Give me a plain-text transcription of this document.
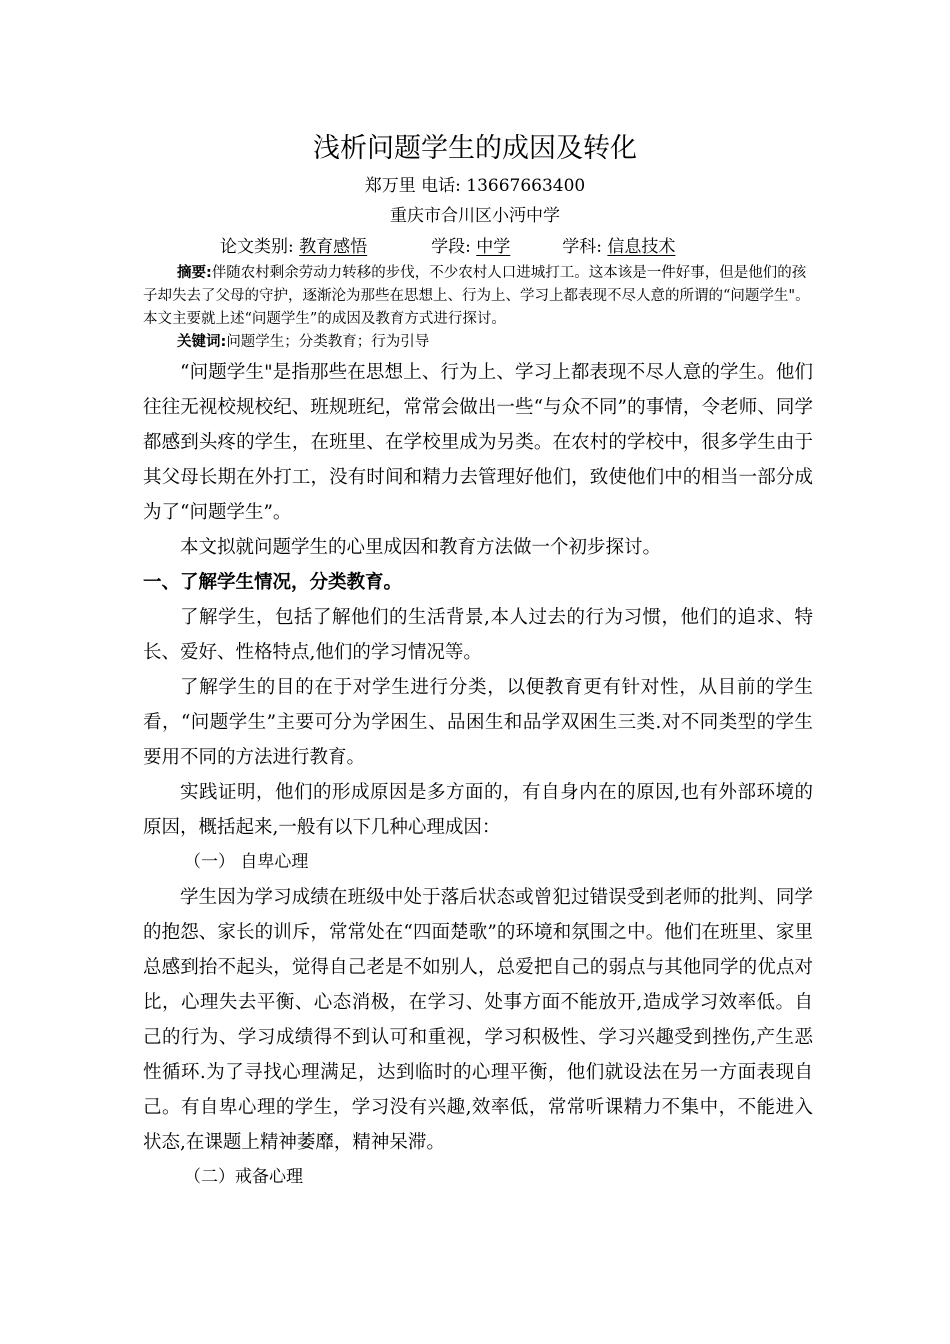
浅析问题学生的成因及转化
郑万里 电话: 13667663400
重庆市合川区小沔中学
论文类别: 教育感悟	学段: 中学	学科: 信息技术

摘要:伴随农村剩余劳动力转移的步伐，不少农村人口进城打工。这本该是一件好事，但是他们的孩子却失去了父母的守护，逐渐沦为那些在思想上、行为上、学习上都表现不尽人意的所谓的“问题学生"。本文主要就上述“问题学生”的成因及教育方式进行探讨。

关键词:问题学生；分类教育；行为引导

“问题学生"是指那些在思想上、行为上、学习上都表现不尽人意的学生。他们往往无视校规校纪、班规班纪，常常会做出一些“与众不同”的事情，令老师、同学都感到头疼的学生，在班里、在学校里成为另类。在农村的学校中，很多学生由于其父母长期在外打工，没有时间和精力去管理好他们，致使他们中的相当一部分成为了“问题学生”。

本文拟就问题学生的心里成因和教育方法做一个初步探讨。

一、了解学生情况，分类教育。

了解学生，包括了解他们的生活背景,本人过去的行为习惯，他们的追求、特长、爱好、性格特点,他们的学习情况等。

了解学生的目的在于对学生进行分类，以便教育更有针对性，从目前的学生看，“问题学生”主要可分为学困生、品困生和品学双困生三类.对不同类型的学生要用不同的方法进行教育。

实践证明，他们的形成原因是多方面的，有自身内在的原因,也有外部环境的原因，概括起来,一般有以下几种心理成因：

（一） 自卑心理

学生因为学习成绩在班级中处于落后状态或曾犯过错误受到老师的批判、同学的抱怨、家长的训斥，常常处在“四面楚歌”的环境和氛围之中。他们在班里、家里总感到抬不起头，觉得自己老是不如别人，总爱把自己的弱点与其他同学的优点对比，心理失去平衡、心态消极，在学习、处事方面不能放开,造成学习效率低。自己的行为、学习成绩得不到认可和重视，学习积极性、学习兴趣受到挫伤,产生恶性循环.为了寻找心理满足，达到临时的心理平衡，他们就设法在另一方面表现自己。有自卑心理的学生，学习没有兴趣,效率低，常常听课精力不集中，不能进入状态,在课题上精神萎靡，精神呆滞。

（二）戒备心理
